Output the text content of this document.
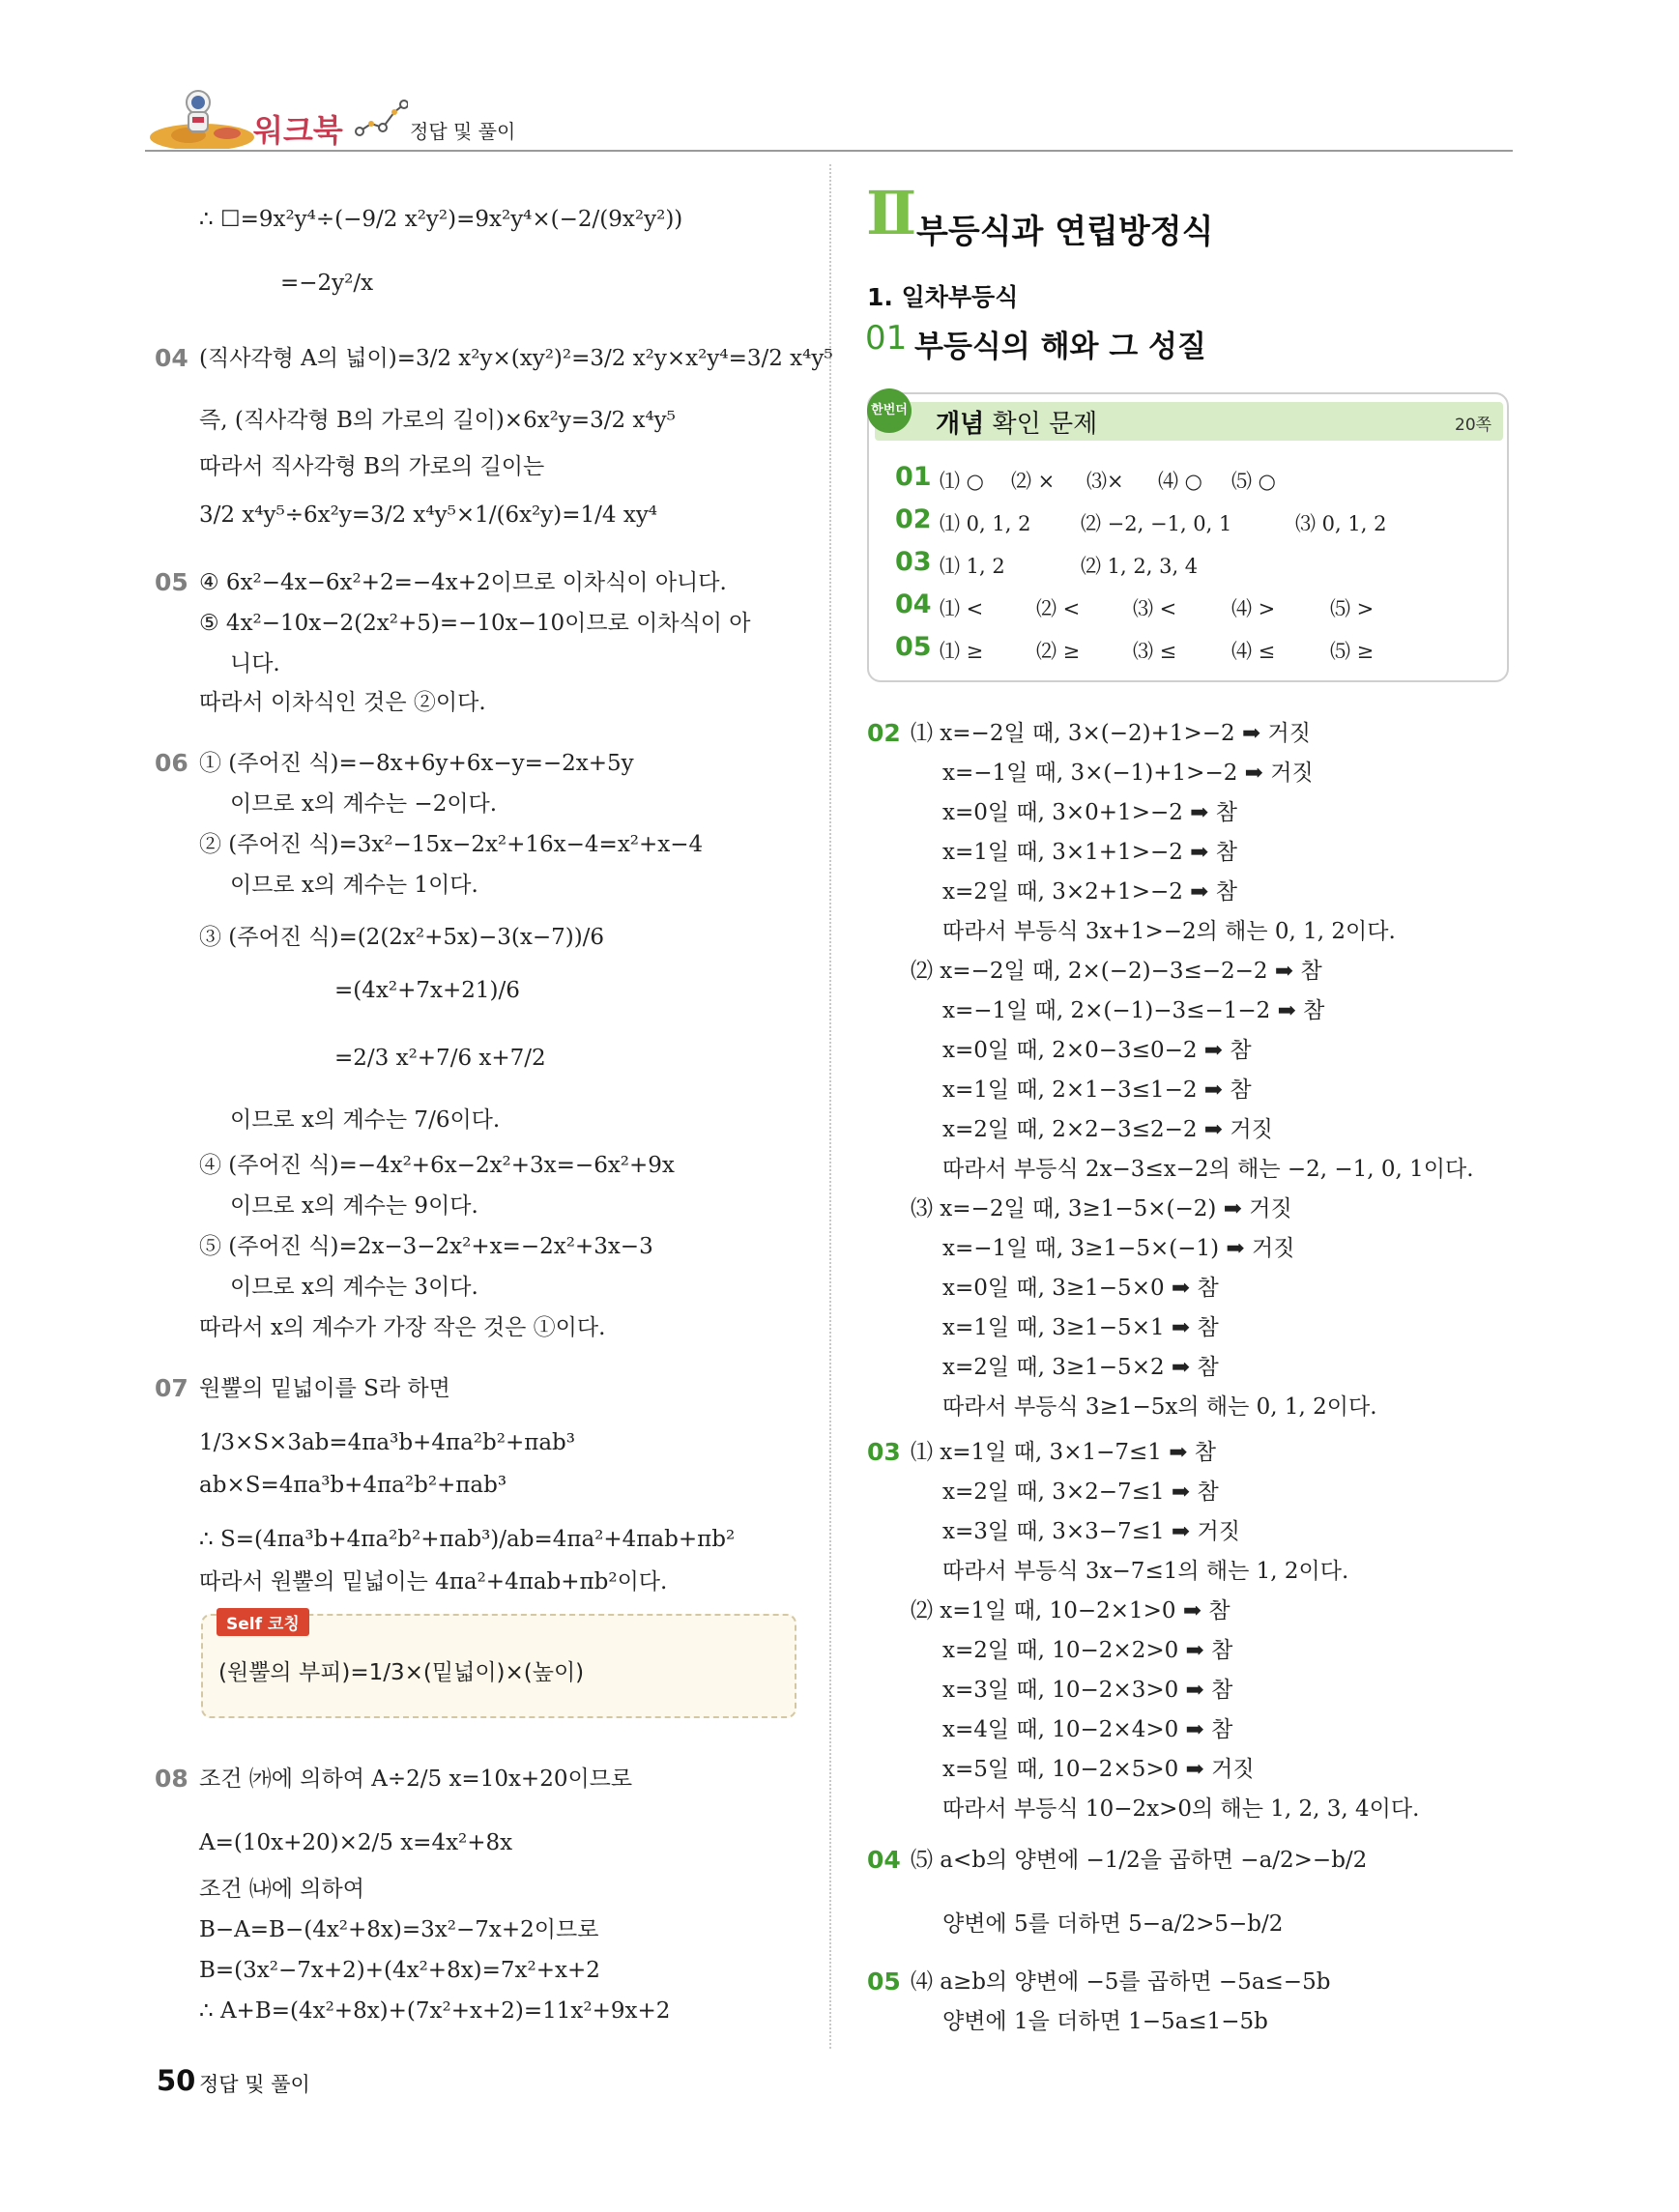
워크북	정답 및 풀이
∴ ☐=9x²y⁴÷(−9/2 x²y²)=9x²y⁴×(−2/(9x²y²))
=−2y²/x
04 (직사각형 A의 넓이)=3/2 x²y×(xy²)²=3/2 x²y×x²y⁴=3/2 x⁴y⁵
즉, (직사각형 B의 가로의 길이)×6x²y=3/2 x⁴y⁵
따라서 직사각형 B의 가로의 길이는
3/2 x⁴y⁵÷6x²y=3/2 x⁴y⁵×1/(6x²y)=1/4 xy⁴
05 ④ 6x²−4x−6x²+2=−4x+2이므로 이차식이 아니다.
⑤ 4x²−10x−2(2x²+5)=−10x−10이므로 이차식이 아
니다.
따라서 이차식인 것은 ②이다.
06 ① (주어진 식)=−8x+6y+6x−y=−2x+5y
이므로 x의 계수는 −2이다.
② (주어진 식)=3x²−15x−2x²+16x−4=x²+x−4
이므로 x의 계수는 1이다.
③ (주어진 식)=(2(2x²+5x)−3(x−7))/6
=(4x²+7x+21)/6
=2/3 x²+7/6 x+7/2
이므로 x의 계수는 7/6이다.
④ (주어진 식)=−4x²+6x−2x²+3x=−6x²+9x
이므로 x의 계수는 9이다.
⑤ (주어진 식)=2x−3−2x²+x=−2x²+3x−3
이므로 x의 계수는 3이다.
따라서 x의 계수가 가장 작은 것은 ①이다.
07 원뿔의 밑넓이를 S라 하면
1/3×S×3ab=4πa³b+4πa²b²+πab³
ab×S=4πa³b+4πa²b²+πab³
∴ S=(4πa³b+4πa²b²+πab³)/ab=4πa²+4πab+πb²
따라서 원뿔의 밑넓이는 4πa²+4πab+πb²이다.
Self 코칭
(원뿔의 부피)=1/3×(밑넓이)×(높이)
08 조건 ㈎에 의하여 A÷2/5 x=10x+20이므로
A=(10x+20)×2/5 x=4x²+8x
조건 ㈏에 의하여
B−A=B−(4x²+8x)=3x²−7x+2이므로
B=(3x²−7x+2)+(4x²+8x)=7x²+x+2
∴ A+B=(4x²+8x)+(7x²+x+2)=11x²+9x+2
Ⅱ 부등식과 연립방정식
1. 일차부등식
01 부등식의 해와 그 성질
한번더 개념 확인 문제	20쪽
01 ⑴ ○ ⑵ × ⑶× ⑷ ○ ⑸ ○
02 ⑴ 0, 1, 2 ⑵ −2, −1, 0, 1	⑶ 0, 1, 2
03 ⑴ 1, 2	⑵ 1, 2, 3, 4
04 ⑴ <	⑵ <	⑶ <	⑷ >	⑸ >
05 ⑴ ≥	⑵ ≥	⑶ ≤	⑷ ≤	⑸ ≥
02 ⑴ x=−2일 때, 3×(−2)+1>−2 ➡ 거짓
x=−1일 때, 3×(−1)+1>−2 ➡ 거짓
x=0일 때, 3×0+1>−2 ➡ 참
x=1일 때, 3×1+1>−2 ➡ 참
x=2일 때, 3×2+1>−2 ➡ 참
따라서 부등식 3x+1>−2의 해는 0, 1, 2이다.
⑵ x=−2일 때, 2×(−2)−3≤−2−2 ➡ 참
x=−1일 때, 2×(−1)−3≤−1−2 ➡ 참
x=0일 때, 2×0−3≤0−2 ➡ 참
x=1일 때, 2×1−3≤1−2 ➡ 참
x=2일 때, 2×2−3≤2−2 ➡ 거짓
따라서 부등식 2x−3≤x−2의 해는 −2, −1, 0, 1이다.
⑶ x=−2일 때, 3≥1−5×(−2) ➡ 거짓
x=−1일 때, 3≥1−5×(−1) ➡ 거짓
x=0일 때, 3≥1−5×0 ➡ 참
x=1일 때, 3≥1−5×1 ➡ 참
x=2일 때, 3≥1−5×2 ➡ 참
따라서 부등식 3≥1−5x의 해는 0, 1, 2이다.
03 ⑴ x=1일 때, 3×1−7≤1 ➡ 참
x=2일 때, 3×2−7≤1 ➡ 참
x=3일 때, 3×3−7≤1 ➡ 거짓
따라서 부등식 3x−7≤1의 해는 1, 2이다.
⑵ x=1일 때, 10−2×1>0 ➡ 참
x=2일 때, 10−2×2>0 ➡ 참
x=3일 때, 10−2×3>0 ➡ 참
x=4일 때, 10−2×4>0 ➡ 참
x=5일 때, 10−2×5>0 ➡ 거짓
따라서 부등식 10−2x>0의 해는 1, 2, 3, 4이다.
04 ⑸ a<b의 양변에 −1/2을 곱하면 −a/2>−b/2
양변에 5를 더하면 5−a/2>5−b/2
05 ⑷ a≥b의 양변에 −5를 곱하면 −5a≤−5b
양변에 1을 더하면 1−5a≤1−5b
50 정답 및 풀이
